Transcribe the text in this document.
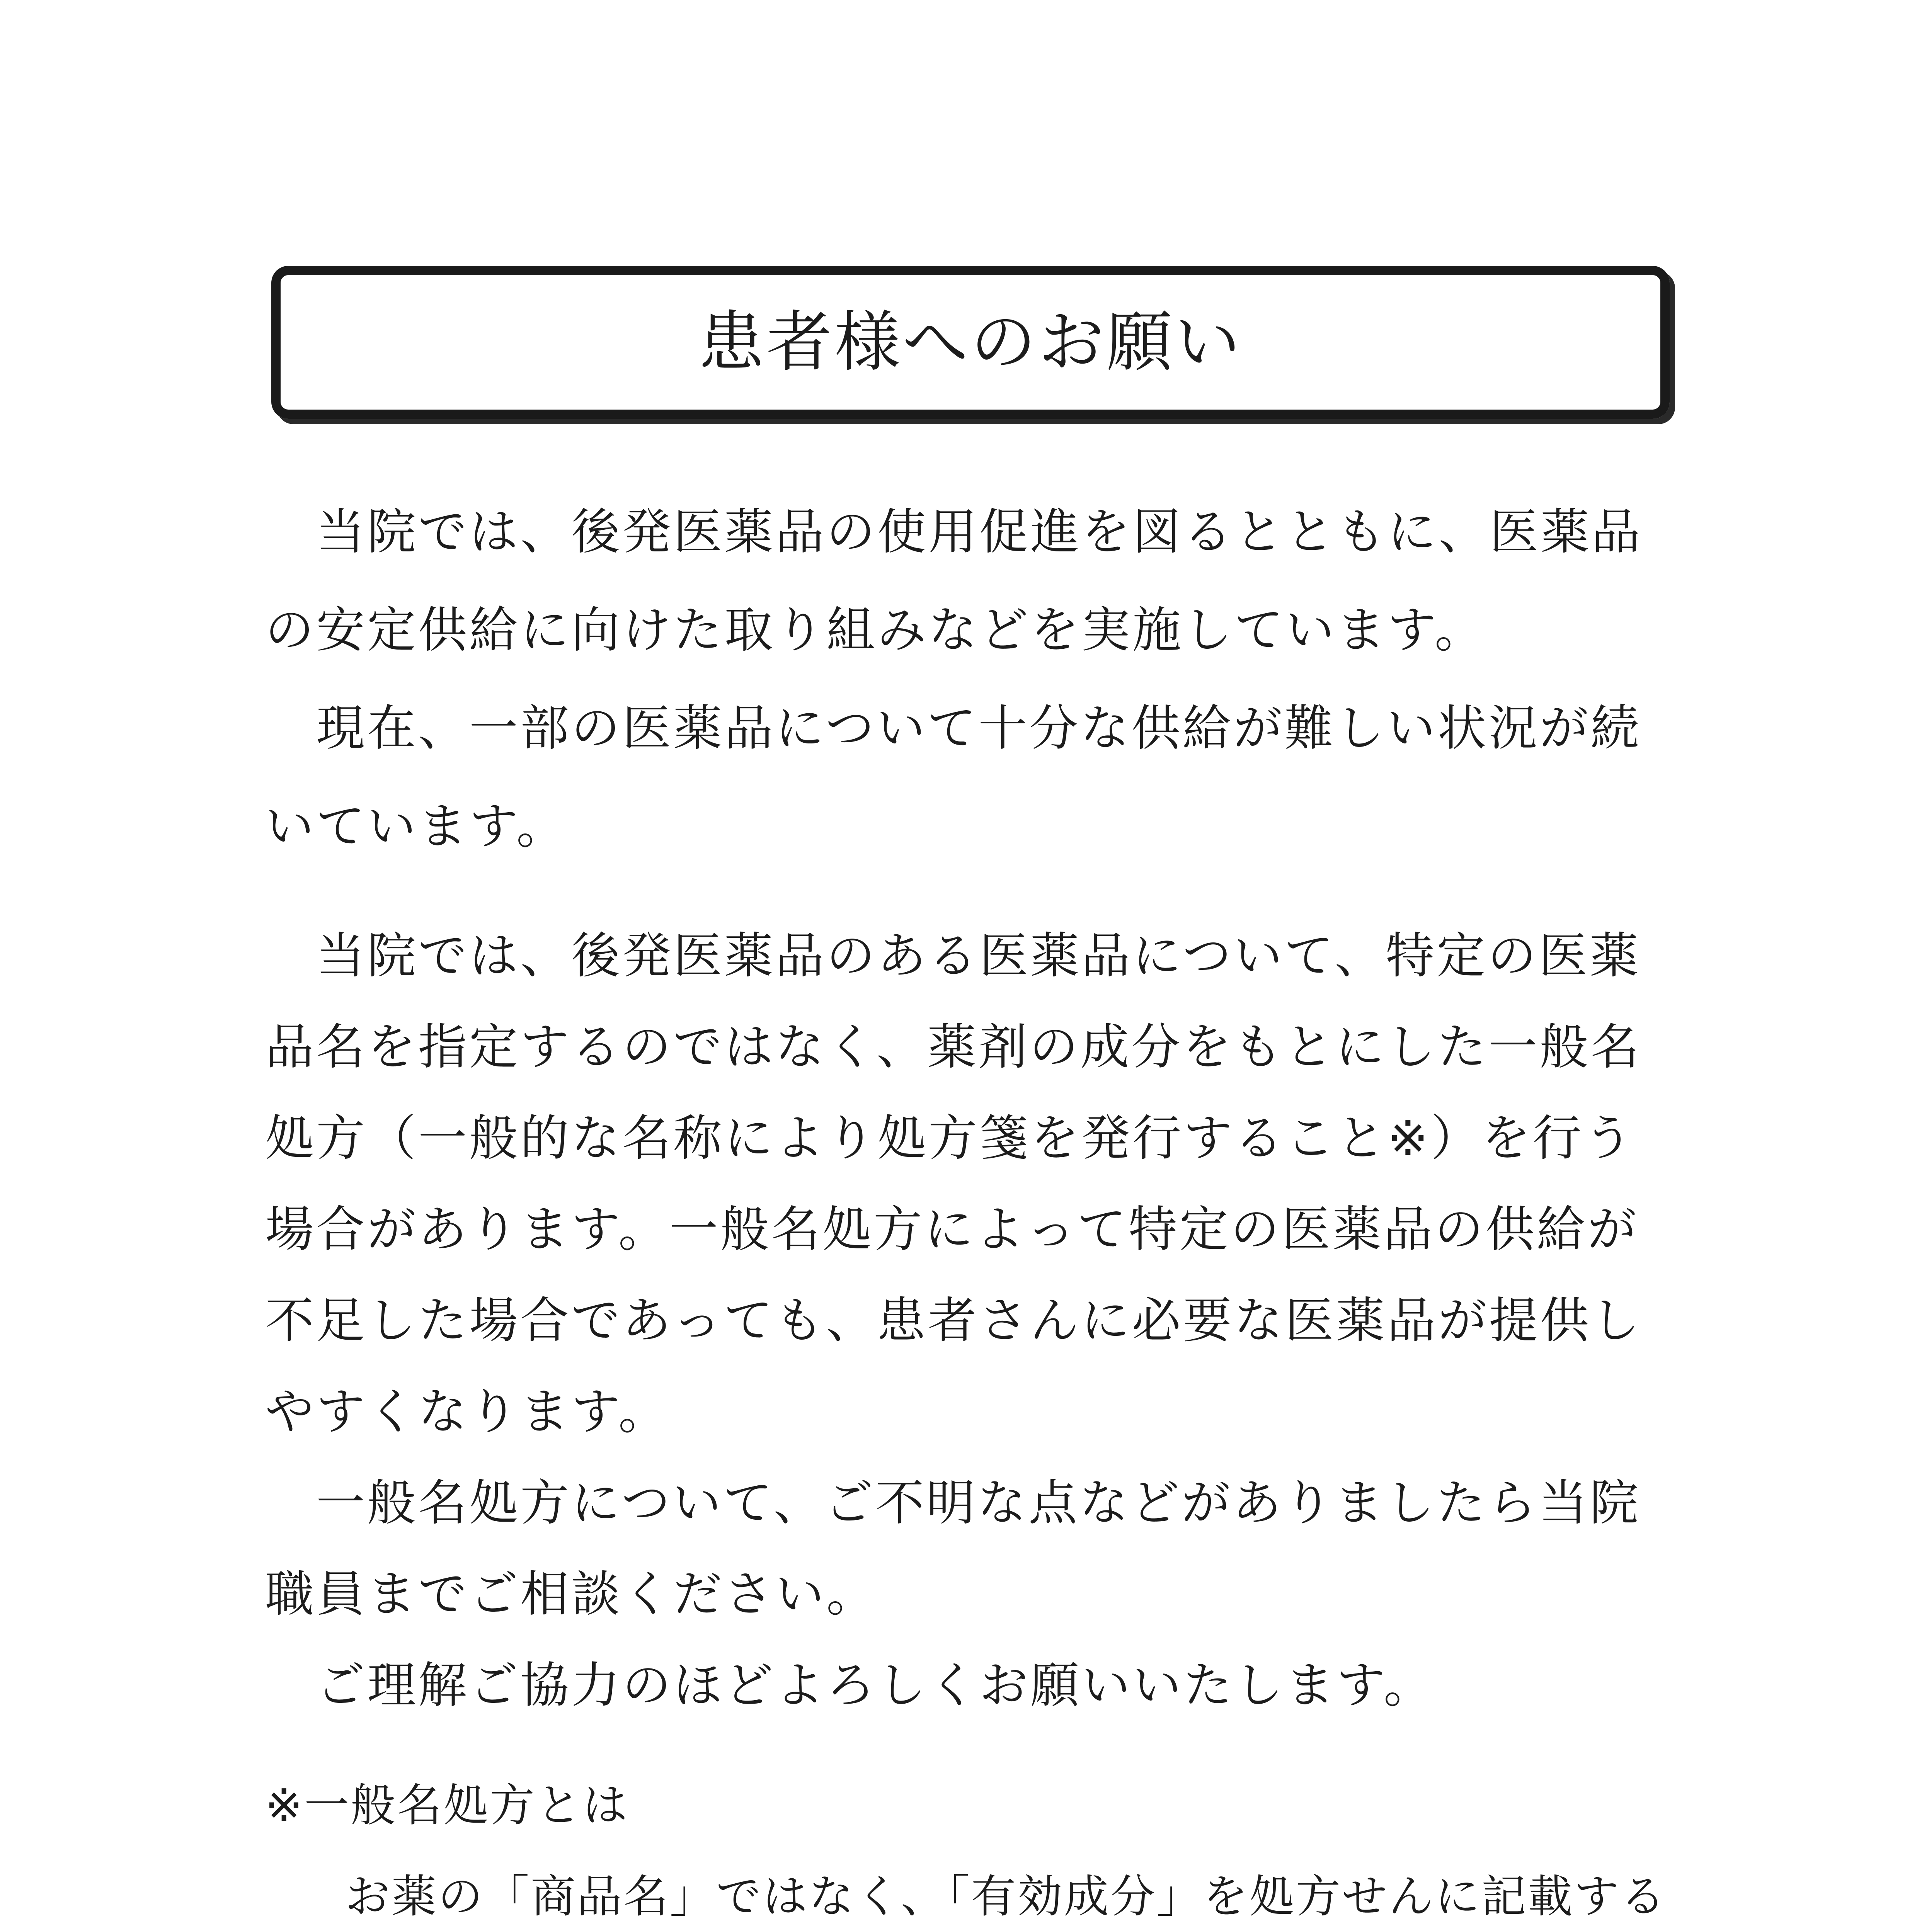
患者様へのお願い
当院では、後発医薬品の使用促進を図るとともに、医薬品
の安定供給に向けた取り組みなどを実施しています。
現在、一部の医薬品について十分な供給が難しい状況が続
いています。
当院では、後発医薬品のある医薬品について、特定の医薬
品名を指定するのではなく、薬剤の成分をもとにした一般名
処方（一般的な名称により処方箋を発行すること※）を行う
場合があります。一般名処方によって特定の医薬品の供給が
不足した場合であっても、患者さんに必要な医薬品が提供し
やすくなります。
一般名処方について、ご不明な点などがありましたら当院
職員までご相談ください。
ご理解ご協力のほどよろしくお願いいたします。
※一般名処方とは
お薬の「商品名」ではなく、「有効成分」を処方せんに記載する
